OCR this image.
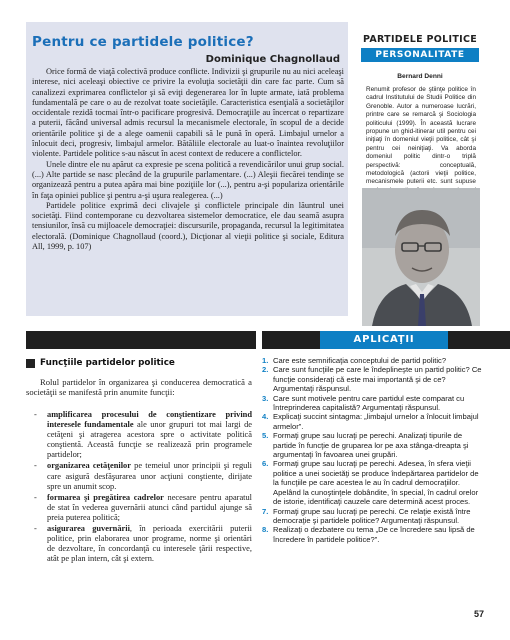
Pentru ce partidele politice?
Dominique Chagnollaud

Orice formă de viaţă colectivă produce conflicte. Indivizii şi grupurile nu au nici aceleaşi interese, nici aceleaşi obiective ce privire la evoluţia societăţii din care fac parte. Cum să canalizezi exprimarea conflictelor şi să eviţi degenerarea lor în lupte armate, iată problema fundamentală pe care o au de rezolvat toate societăţile. Caracteristica esenţială a societăţilor occidentale rezidă tocmai într-o pacificare progresivă. Democraţiile au încercat o repartizare a puterii, făcând universal admis recursul la mecanismele electorale, în scopul de a decide orientările politice şi de a alege oamenii capabili să le pună în operă. Limbajul urnelor a înlocuit deci, progresiv, limbajul armelor. Bătăliile electorale au luat-o înaintea revoluţiilor violente. Partidele politice s-au născut în acest context de reducere a conflictelor.

Unele dintre ele nu apărut ca expresie pe scena politică a revendicărilor unui grup social. (...) Alte partide se nasc plecând de la grupurile parlamentare. (...) Aleşii fiecărei tendinţe se organizează pentru a putea apăra mai bine poziţiile lor (...), pentru a-şi populariza orientările în faţa opiniei publice şi pentru a-şi uşura realegerea. (...)

Partidele politice exprimă deci clivajele şi conflictele principale din lăuntrul unei societăţi. Fiind contemporane cu dezvoltarea sistemelor democratice, ele dau seamă asupra tensiunilor, însă cu mijloacele democraţiei: discursurile, propaganda, recursul la legitimitatea electorală. (Dominique Chagnollaud (coord.), Dicţionar al vieţii politice şi sociale, Editura All, 1999, p. 107)

PARTIDELE POLITICE
PERSONALITATE
Bernard Denni
Renumit profesor de ştiinţe politice în cadrul Institutului de Studii Politice din Grenoble. Autor a numeroase lucrări, printre care se remarcă şi Sociologia politicului (1999). În această lucrare propune un ghid-itinerar util pentru cei iniţiaţi în domeniul vieţii politice, cât şi pentru cei neiniţiaţi. Va aborda domeniul politic dintr-o triplă perspectivă: conceptuală, metodologică (actorii vieţii politice, mecanismele puterii etc. sunt supuse
APLICAŢII
Funcţiile partidelor politice
Rolul partidelor în organizarea şi conducerea democratică a societăţii se manifestă prin anumite funcţii:
- amplificarea procesului de conştientizare privind interesele fundamentale ale unor grupuri tot mai largi de cetăţeni şi atragerea acestora spre o activitate politică conştientă. Această funcţie se realizează prin programele partidelor;
- organizarea cetăţenilor pe temeiul unor principii şi reguli care asigură desfăşurarea unor acţiuni conştiente, dirijate spre un anumit scop.
- formarea şi pregătirea cadrelor necesare pentru aparatul de stat în vederea guvernării atunci când partidul ajunge să preia puterea politică;
- asigurarea guvernării, în perioada exercitării puterii politice, prin elaborarea unor programe, norme şi orientări de dezvoltare, în concordanţă cu interesele ţării respective, atât pe plan intern, cât şi extern.
1. Care este semnificaţia conceptului de partid politic?
2. Care sunt funcţiile pe care le îndeplineşte un partid politic? Ce funcţie consideraţi că este mai importantă şi de ce? Argumentaţi răspunsul.
3. Care sunt motivele pentru care partidul este comparat cu întreprinderea capitalistă? Argumentaţi răspunsul.
4. Explicaţi succint sintagma: „limbajul urnelor a înlocuit limbajul armelor”.
5. Formaţi grupe sau lucraţi pe perechi. Analizaţi tipurile de partide în funcţie de gruparea lor pe axa stânga-dreapta şi argumentaţi în favoarea unei grupări.
6. Formaţi grupe sau lucraţi pe perechi. Adesea, în sfera vieţii politice a unei societăţi se produce îndepărtarea partidelor de la funcţiile pe care acestea le au în cadrul democraţiilor. Apelând la cunoştinţele dobândite, în special, în cadrul orelor de istorie, identificaţi cauzele care determină acest proces.
7. Formaţi grupe sau lucraţi pe perechi. Ce relaţie există între democraţie şi partidele politice? Argumentaţi răspunsul.
8. Realizaţi o dezbatere cu tema „De ce încredere sau lipsă de încredere în partidele politice?”.
57
